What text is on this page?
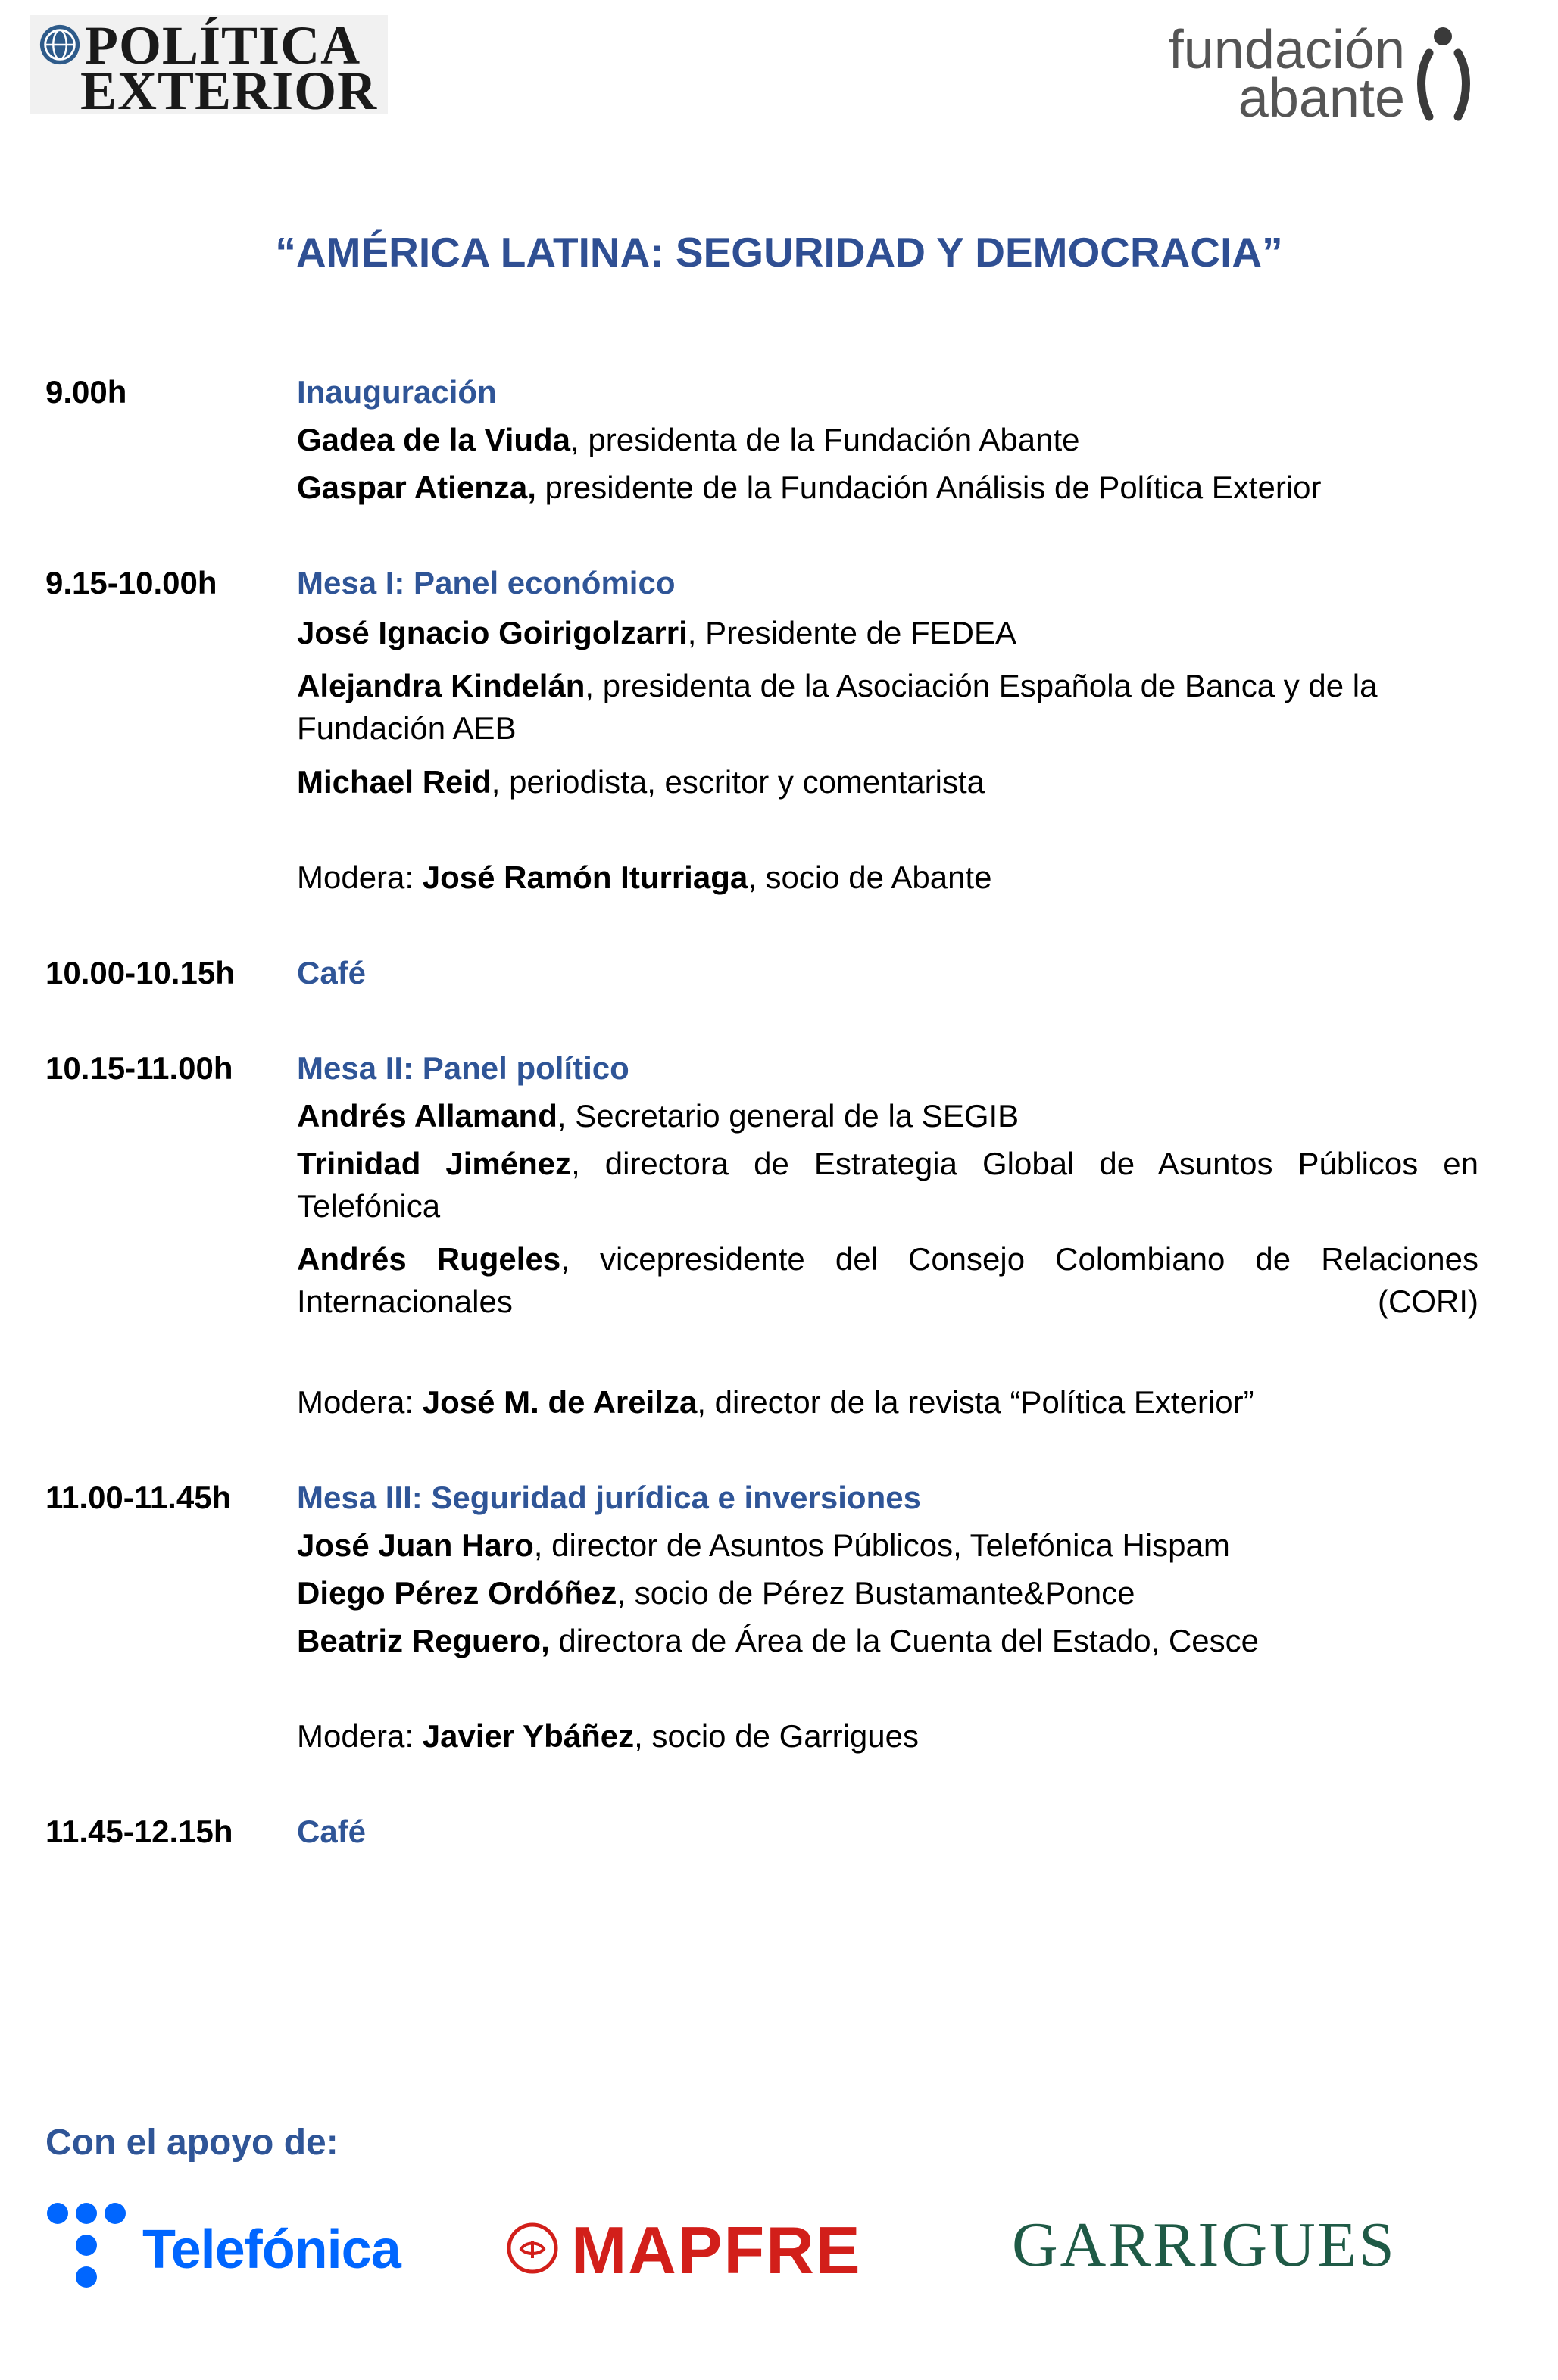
POLÍTICA
EXTERIOR
fundación
abante
“AMÉRICA LATINA: SEGURIDAD Y DEMOCRACIA”
9.00h	Inauguración
Gadea de la Viuda, presidenta de la Fundación Abante
Gaspar Atienza, presidente de la Fundación Análisis de Política Exterior
9.15-10.00h	Mesa I: Panel económico
José Ignacio Goirigolzarri, Presidente de FEDEA
Alejandra Kindelán, presidenta de la Asociación Española de Banca y de la Fundación AEB
Michael Reid, periodista, escritor y comentarista
Modera: José Ramón Iturriaga, socio de Abante
10.00-10.15h Café
10.15-11.00h Mesa II: Panel político
Andrés Allamand, Secretario general de la SEGIB
Trinidad Jiménez, directora de Estrategia Global de Asuntos Públicos en Telefónica
Andrés Rugeles, vicepresidente del Consejo Colombiano de Relaciones Internacionales (CORI)
Modera: José M. de Areilza, director de la revista “Política Exterior”
11.00-11.45h Mesa III: Seguridad jurídica e inversiones
José Juan Haro, director de Asuntos Públicos, Telefónica Hispam
Diego Pérez Ordóñez, socio de Pérez Bustamante&Ponce
Beatriz Reguero, directora de Área de la Cuenta del Estado, Cesce
Modera: Javier Ybáñez, socio de Garrigues
11.45-12.15h Café
Con el apoyo de:
Telefónica	MAPFRE GARRIGUES
